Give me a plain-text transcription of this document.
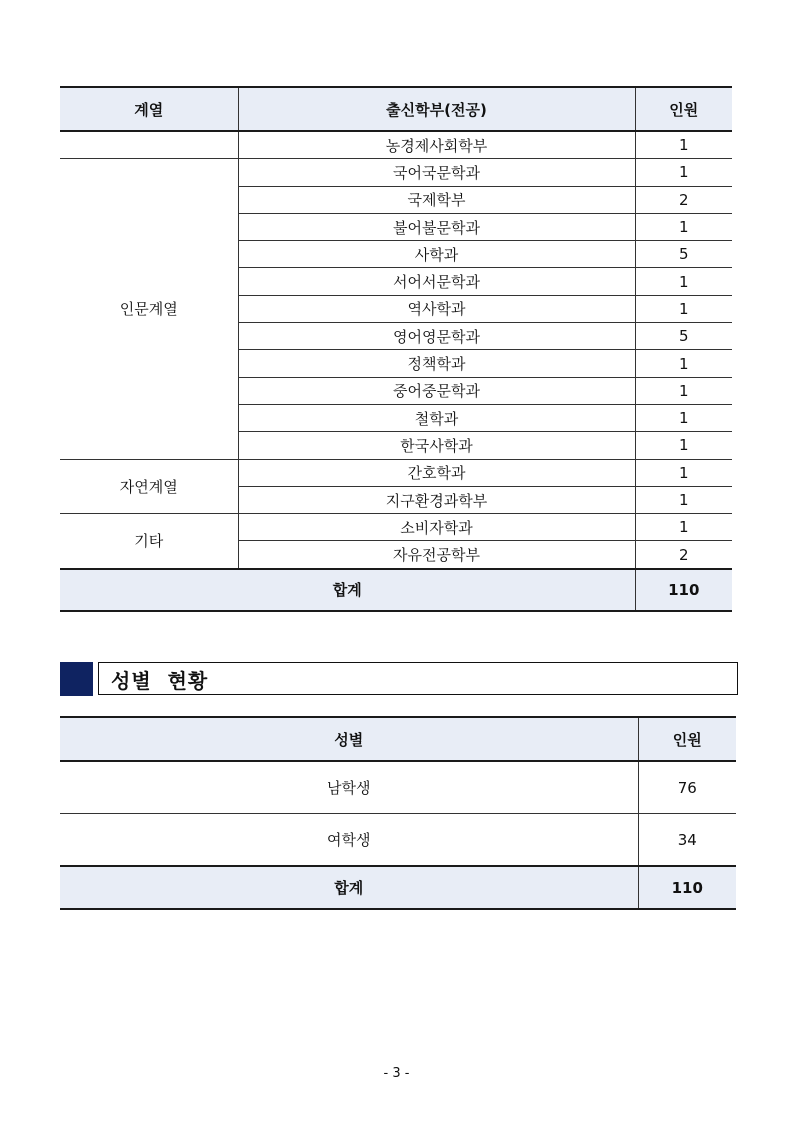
계열	출신학부(전공)	인원
	농경제사회학부	1
인문계열	국어국문학과	1
	국제학부	2
	불어불문학과	1
	사학과	5
	서어서문학과	1
	역사학과	1
	영어영문학과	5
	정책학과	1
	중어중문학과	1
	철학과	1
	한국사학과	1
자연계열	간호학과	1
	지구환경과학부	1
기타	소비자학과	1
	자유전공학부	2
합계		110
성별  현황
성별	인원
남학생	76
여학생	34
합계	110
- 3 -
